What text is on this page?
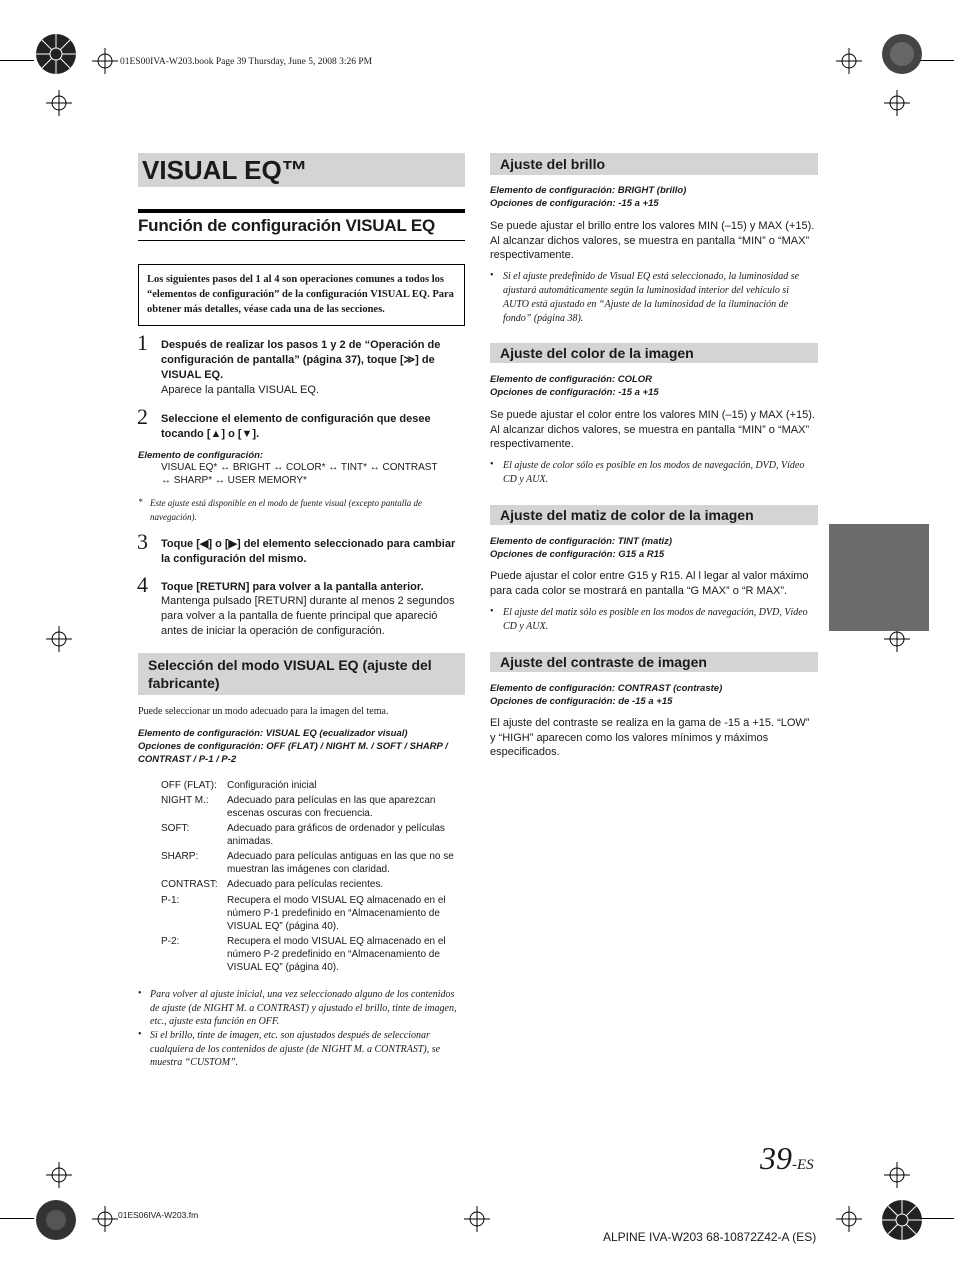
01ES00IVA-W203.book Page 39 Thursday, June 5, 2008 3:26 PM
VISUAL EQ™
Función de configuración VISUAL EQ
Los siguientes pasos del 1 al 4 son operaciones comunes a todos los “elementos de configuración” de la configuración VISUAL EQ. Para obtener más detalles, véase cada una de las secciones.
1 Después de realizar los pasos 1 y 2 de “Operación de configuración de pantalla” (página 37), toque [≫] de VISUAL EQ.
Aparece la pantalla VISUAL EQ.
2 Seleccione el elemento de configuración que desee tocando [▲] o [▼].
Elemento de configuración:
VISUAL EQ* ↔ BRIGHT ↔ COLOR* ↔ TINT* ↔ CONTRAST
↔ SHARP* ↔ USER MEMORY*
* Este ajuste está disponible en el modo de fuente visual (excepto pantalla de navegación).
3 Toque [◀] o [▶] del elemento seleccionado para cambiar la configuración del mismo.
4 Toque [RETURN] para volver a la pantalla anterior.
Mantenga pulsado [RETURN] durante al menos 2 segundos para volver a la pantalla de fuente principal que apareció antes de iniciar la operación de configuración.
Selección del modo VISUAL EQ (ajuste del fabricante)
Puede seleccionar un modo adecuado para la imagen del tema.
Elemento de configuración: VISUAL EQ (ecualizador visual)
Opciones de configuración: OFF (FLAT) / NIGHT M. / SOFT / SHARP / CONTRAST / P-1 / P-2
OFF (FLAT): Configuración inicial
NIGHT M.: Adecuado para películas en las que aparezcan escenas oscuras con frecuencia.
SOFT:	Adecuado para gráficos de ordenador y películas animadas.
SHARP:	Adecuado para películas antiguas en las que no se muestran las imágenes con claridad.
CONTRAST: Adecuado para películas recientes.
P-1:	Recupera el modo VISUAL EQ almacenado en el número P-1 predefinido en “Almacenamiento de VISUAL EQ” (página 40).
P-2:	Recupera el modo VISUAL EQ almacenado en el número P-2 predefinido en “Almacenamiento de VISUAL EQ” (página 40).
• Para volver al ajuste inicial, una vez seleccionado alguno de los contenidos de ajuste (de NIGHT M. a CONTRAST) y ajustado el brillo, tinte de imagen, etc., ajuste esta función en OFF.
• Si el brillo, tinte de imagen, etc. son ajustados después de seleccionar cualquiera de los contenidos de ajuste (de NIGHT M. a CONTRAST), se muestra “CUSTOM”.
Ajuste del brillo
Elemento de configuración: BRIGHT (brillo)
Opciones de configuración: -15 a +15
Se puede ajustar el brillo entre los valores MIN (–15) y MAX (+15). Al alcanzar dichos valores, se muestra en pantalla “MIN” o “MAX” respectivamente.
• Si el ajuste predefinido de Visual EQ está seleccionado, la luminosidad se ajustará automáticamente según la luminosidad interior del vehículo si AUTO está ajustado en “Ajuste de la luminosidad de la iluminación de fondo” (página 38).
Ajuste del color de la imagen
Elemento de configuración: COLOR
Opciones de configuración: -15 a +15
Se puede ajustar el color entre los valores MIN (–15) y MAX (+15). Al alcanzar dichos valores, se muestra en pantalla “MIN” o “MAX” respectivamente.
• El ajuste de color sólo es posible en los modos de navegación, DVD, Vídeo CD y AUX.
Ajuste del matiz de color de la imagen
Elemento de configuración: TINT (matiz)
Opciones de configuración: G15 a R15
Puede ajustar el color entre G15 y R15. Al l legar al valor máximo para cada color se mostrará en pantalla “G MAX” o “R MAX”.
• El ajuste del matiz sólo es posible en los modos de navegación, DVD, Vídeo CD y AUX.
Ajuste del contraste de imagen
Elemento de configuración: CONTRAST (contraste)
Opciones de configuración: de -15 a +15
El ajuste del contraste se realiza en la gama de -15 a +15. “LOW” y “HIGH” aparecen como los valores mínimos y máximos especificados.
39-ES
01ES06IVA-W203.fm
ALPINE IVA-W203 68-10872Z42-A (ES)
